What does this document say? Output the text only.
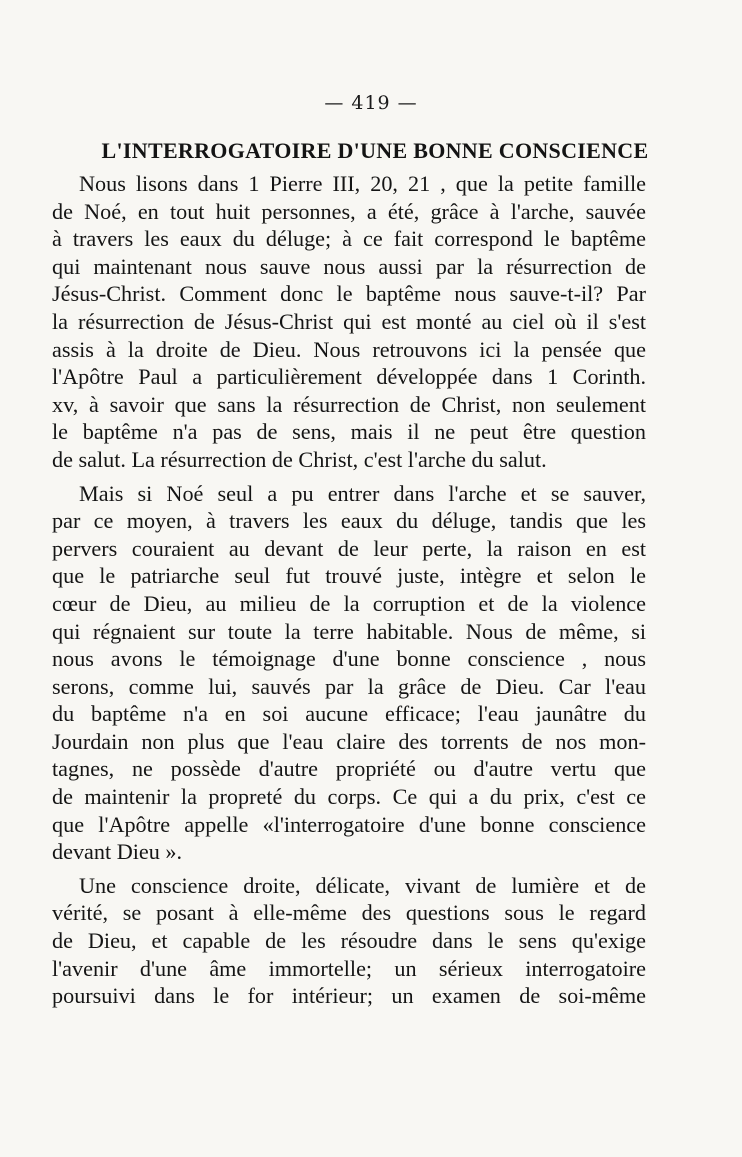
— 419 —
L'INTERROGATOIRE D'UNE BONNE CONSCIENCE
Nous lisons dans 1 Pierre III, 20, 21 , que la petite famille
de Noé, en tout huit personnes, a été, grâce à l'arche, sauvée
à travers les eaux du déluge; à ce fait correspond le baptême
qui maintenant nous sauve nous aussi par la résurrection de
Jésus-Christ. Comment donc le baptême nous sauve-t-il? Par
la résurrection de Jésus-Christ qui est monté au ciel où il s'est
assis à la droite de Dieu. Nous retrouvons ici la pensée que
l'Apôtre Paul a particulièrement développée dans 1 Corinth.
xv, à savoir que sans la résurrection de Christ, non seulement
le baptême n'a pas de sens, mais il ne peut être question
de salut. La résurrection de Christ, c'est l'arche du salut.
Mais si Noé seul a pu entrer dans l'arche et se sauver,
par ce moyen, à travers les eaux du déluge, tandis que les
pervers couraient au devant de leur perte, la raison en est
que le patriarche seul fut trouvé juste, intègre et selon le
cœur de Dieu, au milieu de la corruption et de la violence
qui régnaient sur toute la terre habitable. Nous de même, si
nous avons le témoignage d'une bonne conscience , nous
serons, comme lui, sauvés par la grâce de Dieu. Car l'eau
du baptême n'a en soi aucune efficace; l'eau jaunâtre du
Jourdain non plus que l'eau claire des torrents de nos mon-
tagnes, ne possède d'autre propriété ou d'autre vertu que
de maintenir la propreté du corps. Ce qui a du prix, c'est ce
que l'Apôtre appelle «l'interrogatoire d'une bonne conscience
devant Dieu ».
Une conscience droite, délicate, vivant de lumière et de
vérité, se posant à elle-même des questions sous le regard
de Dieu, et capable de les résoudre dans le sens qu'exige
l'avenir d'une âme immortelle; un sérieux interrogatoire
poursuivi dans le for intérieur; un examen de soi-même
